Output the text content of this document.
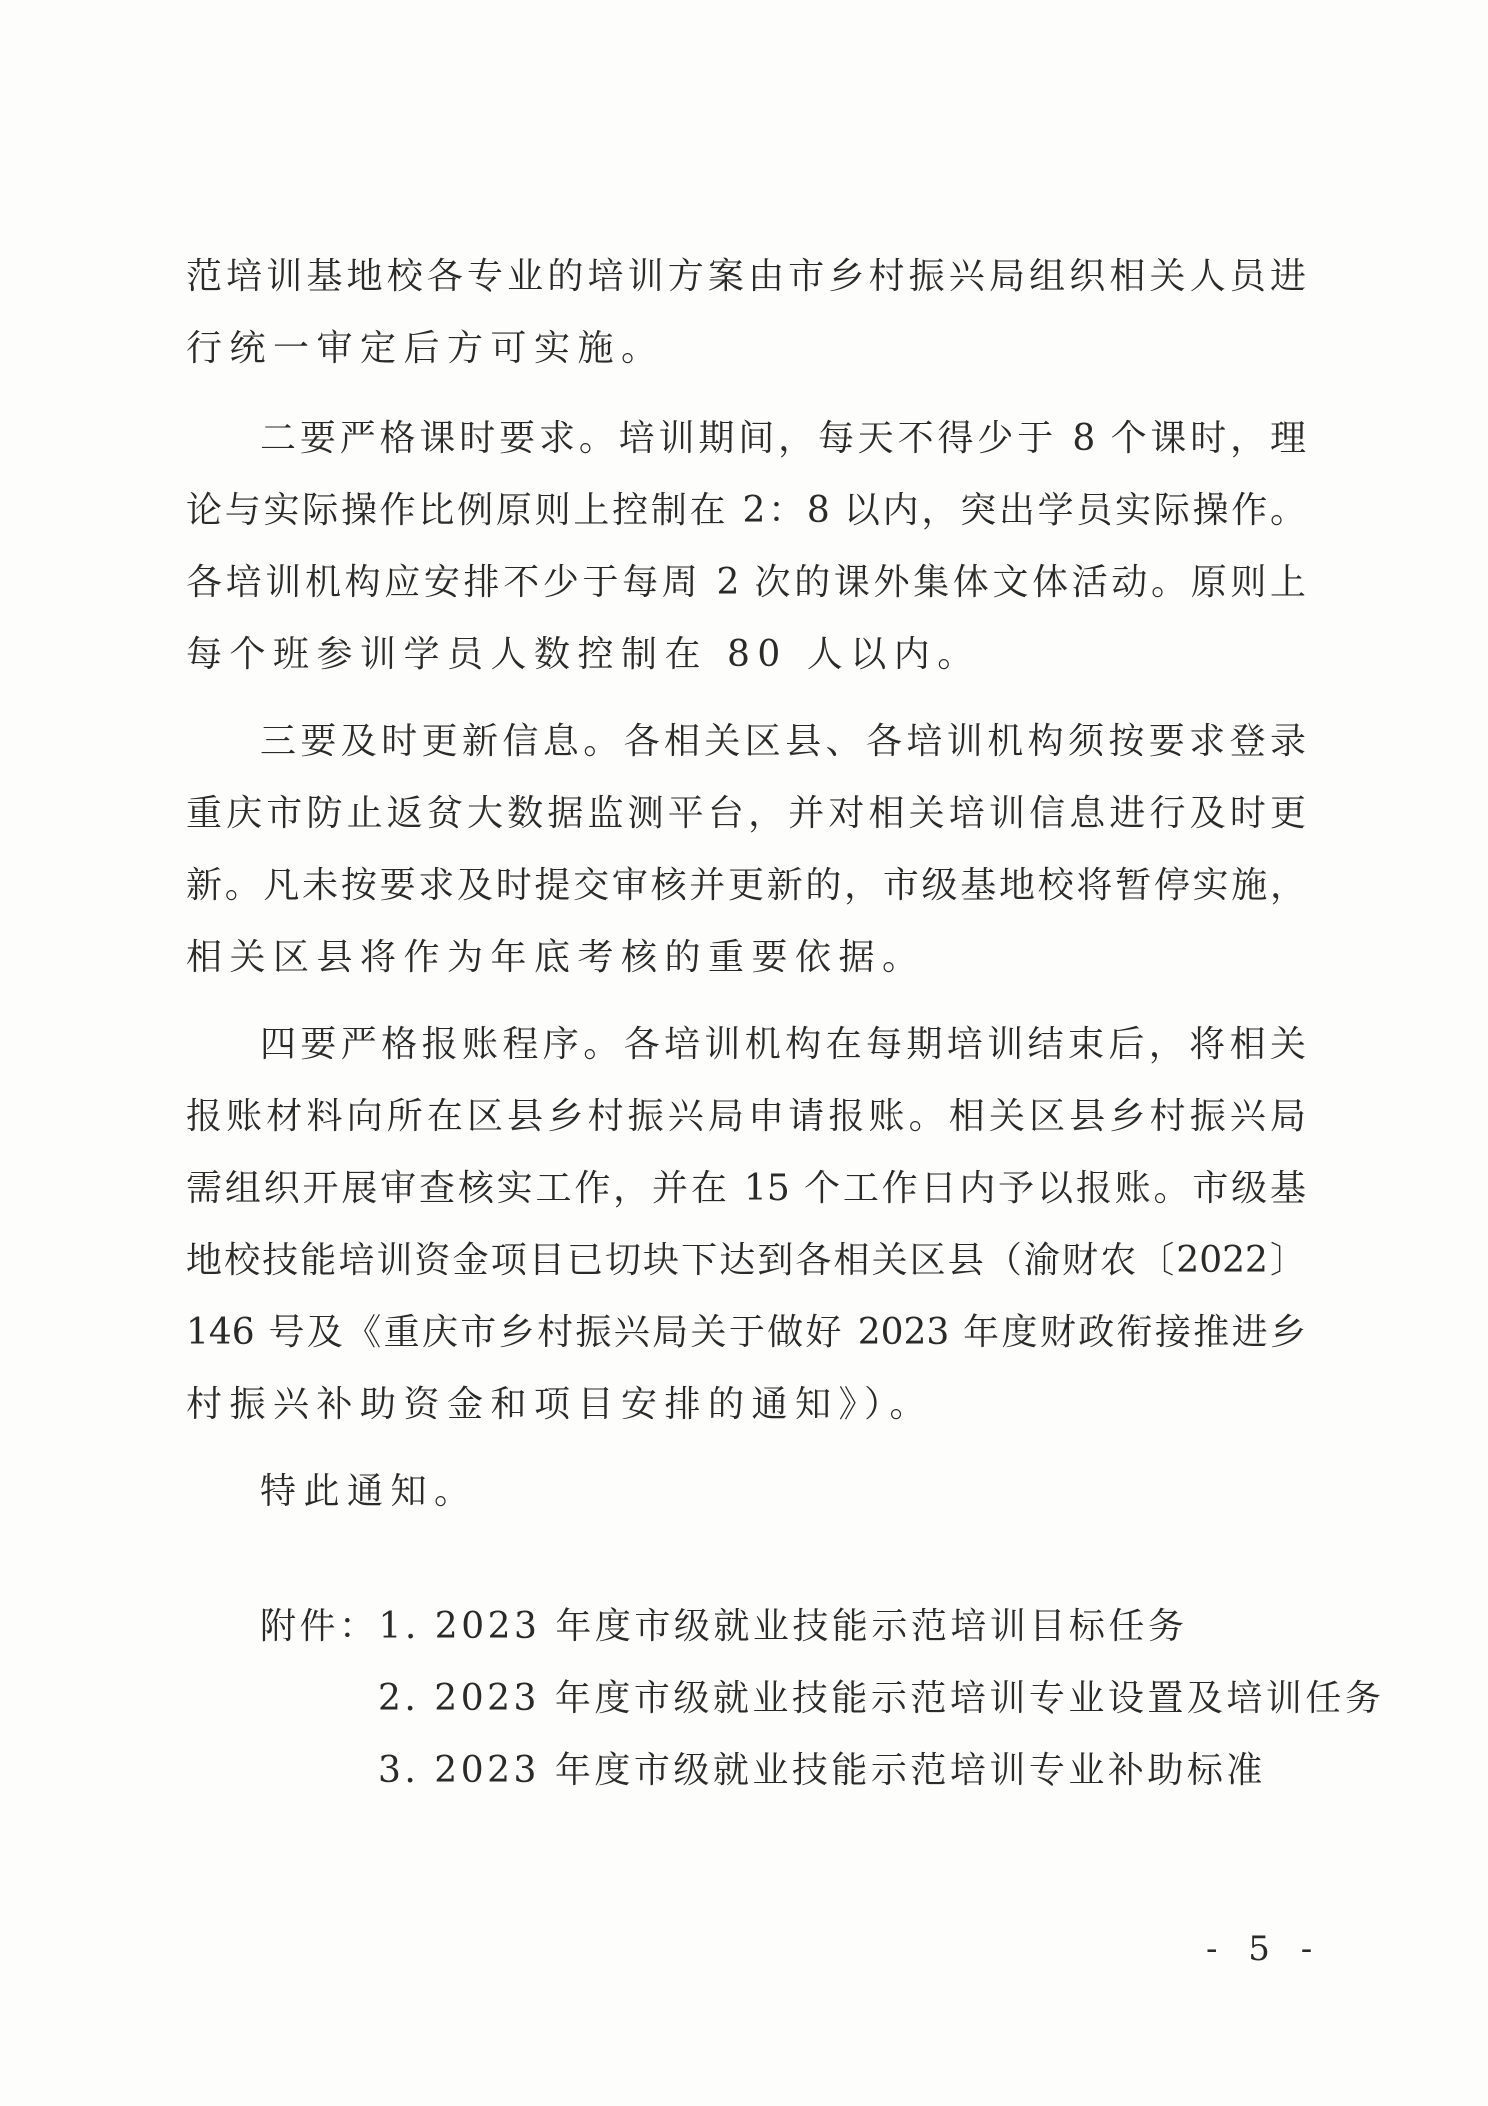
范培训基地校各专业的培训方案由市乡村振兴局组织相关人员进
行统一审定后方可实施。
二要严格课时要求。培训期间，每天不得少于 8 个课时，理
论与实际操作比例原则上控制在 2：8 以内，突出学员实际操作。
各培训机构应安排不少于每周 2 次的课外集体文体活动。原则上
每个班参训学员人数控制在 80 人以内。
三要及时更新信息。各相关区县、各培训机构须按要求登录
重庆市防止返贫大数据监测平台，并对相关培训信息进行及时更
新。凡未按要求及时提交审核并更新的，市级基地校将暂停实施，
相关区县将作为年底考核的重要依据。
四要严格报账程序。各培训机构在每期培训结束后，将相关
报账材料向所在区县乡村振兴局申请报账。相关区县乡村振兴局
需组织开展审查核实工作，并在 15 个工作日内予以报账。市级基
地校技能培训资金项目已切块下达到各相关区县（渝财农〔2022〕
146 号及《重庆市乡村振兴局关于做好 2023 年度财政衔接推进乡
村振兴补助资金和项目安排的通知》）。
特此通知。
附件：1. 2023 年度市级就业技能示范培训目标任务
2. 2023 年度市级就业技能示范培训专业设置及培训任务
3. 2023 年度市级就业技能示范培训专业补助标准
- 5 -
